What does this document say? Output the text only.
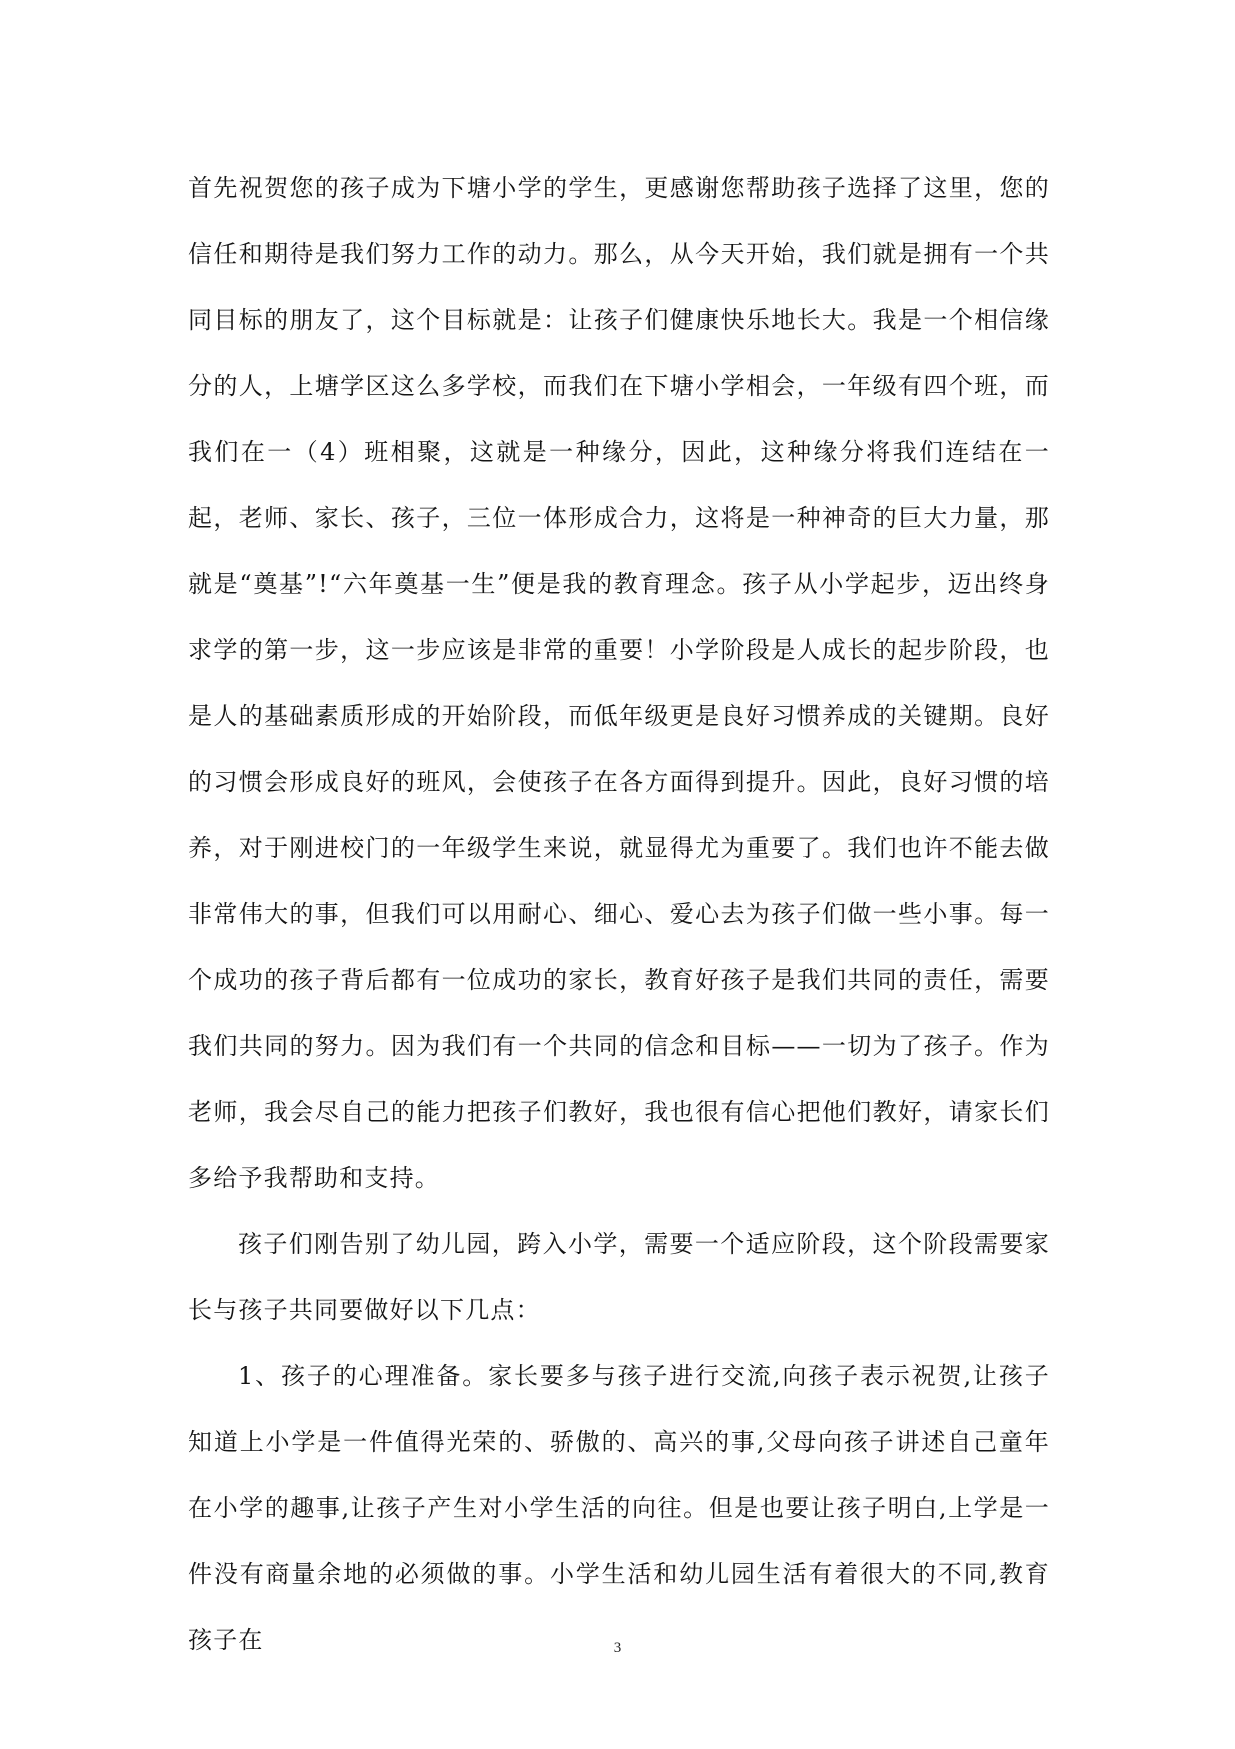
首先祝贺您的孩子成为下塘小学的学生，更感谢您帮助孩子选择了这里，您的信任和期待是我们努力工作的动力。那么，从今天开始，我们就是拥有一个共同目标的朋友了，这个目标就是：让孩子们健康快乐地长大。我是一个相信缘分的人，上塘学区这么多学校，而我们在下塘小学相会，一年级有四个班，而我们在一（4）班相聚，这就是一种缘分，因此，这种缘分将我们连结在一起，老师、家长、孩子，三位一体形成合力，这将是一种神奇的巨大力量，那就是“奠基”!“六年奠基一生”便是我的教育理念。孩子从小学起步，迈出终身求学的第一步，这一步应该是非常的重要！小学阶段是人成长的起步阶段，也是人的基础素质形成的开始阶段，而低年级更是良好习惯养成的关键期。良好的习惯会形成良好的班风，会使孩子在各方面得到提升。因此，良好习惯的培养，对于刚进校门的一年级学生来说，就显得尤为重要了。我们也许不能去做非常伟大的事，但我们可以用耐心、细心、爱心去为孩子们做一些小事。每一个成功的孩子背后都有一位成功的家长，教育好孩子是我们共同的责任，需要我们共同的努力。因为我们有一个共同的信念和目标——一切为了孩子。作为老师，我会尽自己的能力把孩子们教好，我也很有信心把他们教好，请家长们多给予我帮助和支持。

孩子们刚告别了幼儿园，跨入小学，需要一个适应阶段，这个阶段需要家长与孩子共同要做好以下几点：

1、孩子的心理准备。家长要多与孩子进行交流,向孩子表示祝贺,让孩子知道上小学是一件值得光荣的、骄傲的、高兴的事,父母向孩子讲述自己童年在小学的趣事,让孩子产生对小学生活的向往。但是也要让孩子明白,上学是一件没有商量余地的必须做的事。小学生活和幼儿园生活有着很大的不同,教育孩子在	3
